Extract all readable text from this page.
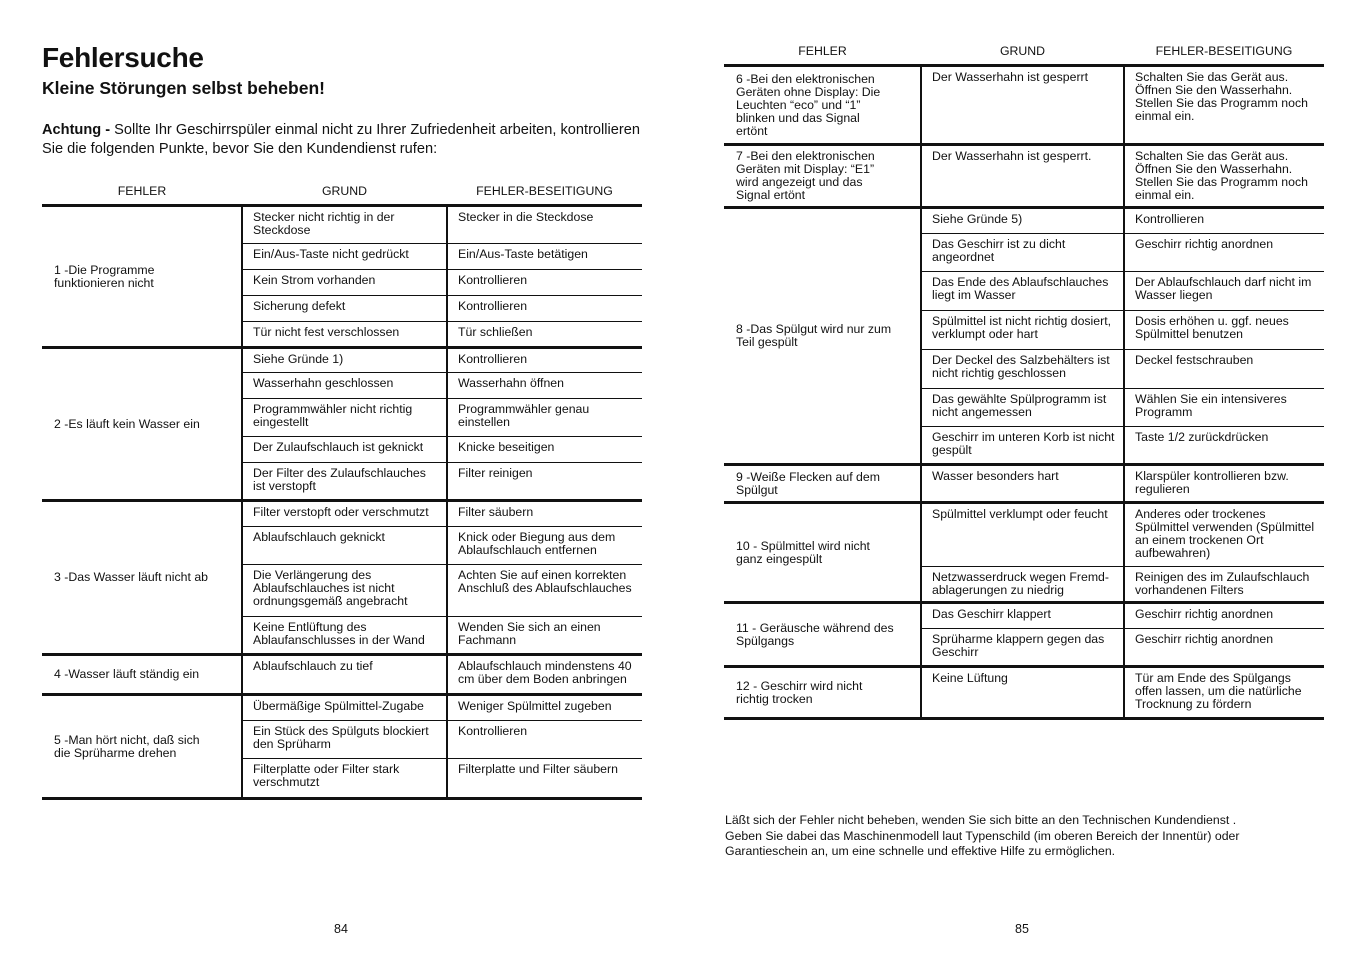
Fehlersuche
Kleine Störungen selbst beheben!

Achtung - Sollte Ihr Geschirrspüler einmal nicht zu Ihrer Zufriedenheit arbeiten, kontrollieren Sie die folgenden Punkte, bevor Sie den Kundendienst rufen:

FEHLER	GRUND	FEHLER-BESEITIGUNG
1 -Die Programme
funktionieren nicht	Stecker nicht richtig in der Steckdose	Stecker in die Steckdose
	Ein/Aus-Taste nicht gedrückt	Ein/Aus-Taste betätigen
	Kein Strom vorhanden	Kontrollieren
	Sicherung defekt	Kontrollieren
	Tür nicht fest verschlossen	Tür schließen
2 -Es läuft kein Wasser ein	Siehe Gründe 1)	Kontrollieren
	Wasserhahn geschlossen	Wasserhahn öffnen
	Programmwähler nicht richtig eingestellt	Programmwähler genau einstellen
	Der Zulaufschlauch ist geknickt	Knicke beseitigen
	Der Filter des Zulaufschlauches ist verstopft	Filter reinigen
3 -Das Wasser läuft nicht ab	Filter verstopft oder verschmutzt	Filter säubern
	Ablaufschlauch geknickt	Knick oder Biegung aus dem Ablaufschlauch entfernen
	Die Verlängerung des Ablaufschlauches ist nicht ordnungsgemäß angebracht	Achten Sie auf einen korrekten Anschluß des Ablaufschlauches
	Keine Entlüftung des Ablaufanschlusses in der Wand	Wenden Sie sich an einen Fachmann
4 -Wasser läuft ständig ein	Ablaufschlauch zu tief	Ablaufschlauch mindenstens 40 cm über dem Boden anbringen
5 -Man hört nicht, daß sich
die Sprüharme drehen	Übermäßige Spülmittel-Zugabe	Weniger Spülmittel zugeben
	Ein Stück des Spülguts blockiert den Sprüharm	Kontrollieren
	Filterplatte oder Filter stark verschmutzt	Filterplatte und Filter säubern
84
FEHLER	GRUND	FEHLER-BESEITIGUNG
6 -Bei den elektronischen
Geräten ohne Display: Die
Leuchten “eco” und “1”
blinken und das Signal
ertönt	Der Wasserhahn ist gesperrt	Schalten Sie das Gerät aus. Öffnen Sie den Wasserhahn. Stellen Sie das Programm noch einmal ein.
7 -Bei den elektronischen
Geräten mit Display: “E1”
wird angezeigt und das
Signal ertönt	Der Wasserhahn ist gesperrt.	Schalten Sie das Gerät aus. Öffnen Sie den Wasserhahn. Stellen Sie das Programm noch einmal ein.
8 -Das Spülgut wird nur zum
Teil gespült	Siehe Gründe 5)	Kontrollieren
	Das Geschirr ist zu dicht angeordnet	Geschirr richtig anordnen
	Das Ende des Ablaufschlauches liegt im Wasser	Der Ablaufschlauch darf nicht im Wasser liegen
	Spülmittel ist nicht richtig dosiert, verklumpt oder hart	Dosis erhöhen u. ggf. neues Spülmittel benutzen
	Der Deckel des Salzbehälters ist nicht richtig geschlossen	Deckel festschrauben
	Das gewählte Spülprogramm ist nicht angemessen	Wählen Sie ein intensiveres Programm
	Geschirr im unteren Korb ist nicht gespült	Taste 1/2 zurückdrücken
9 -Weiße Flecken auf dem
Spülgut	Wasser besonders hart	Klarspüler kontrollieren bzw. regulieren
10 - Spülmittel wird nicht
ganz eingespült	Spülmittel verklumpt oder feucht	Anderes oder trockenes Spülmittel verwenden (Spülmittel an einem trockenen Ort aufbewahren)
	Netzwasserdruck wegen Fremd-ablagerungen zu niedrig	Reinigen des im Zulaufschlauch vorhandenen Filters
11 - Geräusche während des
Spülgangs	Das Geschirr klappert	Geschirr richtig anordnen
	Sprüharme klappern gegen das Geschirr	Geschirr richtig anordnen
12 - Geschirr wird nicht
richtig trocken	Keine Lüftung	Tür am Ende des Spülgangs offen lassen, um die natürliche Trocknung zu fördern

Läßt sich der Fehler nicht beheben, wenden Sie sich bitte an den Technischen Kundendienst .
Geben Sie dabei das Maschinenmodell laut Typenschild (im oberen Bereich der Innentür) oder
Garantieschein an, um eine schnelle und effektive Hilfe zu ermöglichen.

85
